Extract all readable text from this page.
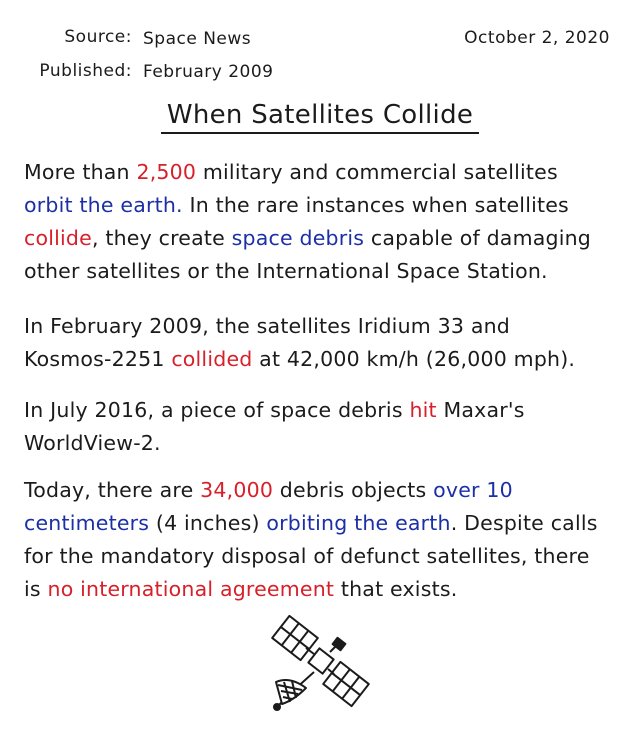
Source: Space News
Published: February 2009
October 2, 2020
When Satellites Collide
More than 2,500 military and commercial satellites
orbit the earth. In the rare instances when satellites
collide, they create space debris capable of damaging
other satellites or the International Space Station.
In February 2009, the satellites Iridium 33 and
Kosmos-2251 collided at 42,000 km/h (26,000 mph).
In July 2016, a piece of space debris hit Maxar's
WorldView-2.
Today, there are 34,000 debris objects over 10
centimeters (4 inches) orbiting the earth. Despite calls
for the mandatory disposal of defunct satellites, there
is no international agreement that exists.
